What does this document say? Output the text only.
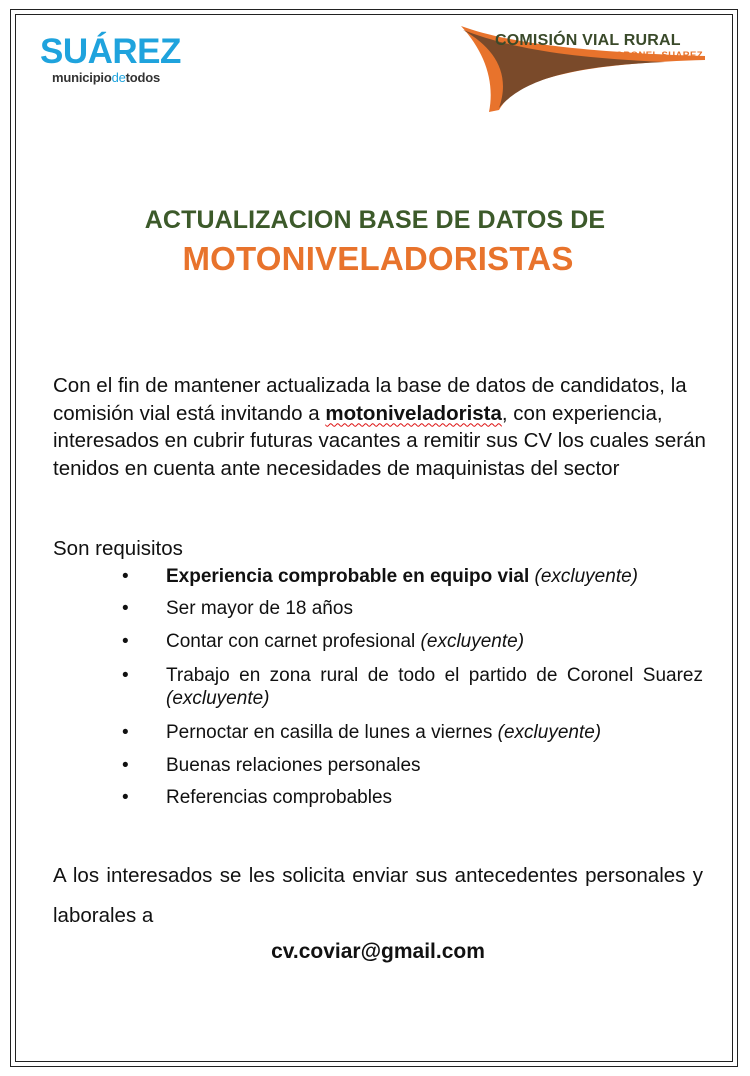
SUÁREZ
municipiodetodos
COMISIÓN VIAL RURAL
CORONEL SUAREZ
ACTUALIZACION BASE DE DATOS DE
MOTONIVELADORISTAS
Con el fin de mantener actualizada la base de datos de candidatos, la comisión vial está invitando a motoniveladorista, con experiencia, interesados en cubrir futuras vacantes a remitir sus CV los cuales serán tenidos en cuenta ante necesidades de maquinistas del sector
Son requisitos
• Experiencia comprobable en equipo vial (excluyente)
• Ser mayor de 18 años
• Contar con carnet profesional (excluyente)
• Trabajo en zona rural de todo el partido de Coronel Suarez (excluyente)
• Pernoctar en casilla de lunes a viernes (excluyente)
• Buenas relaciones personales
• Referencias comprobables
A los interesados se les solicita enviar sus antecedentes personales y laborales a
cv.coviar@gmail.com
